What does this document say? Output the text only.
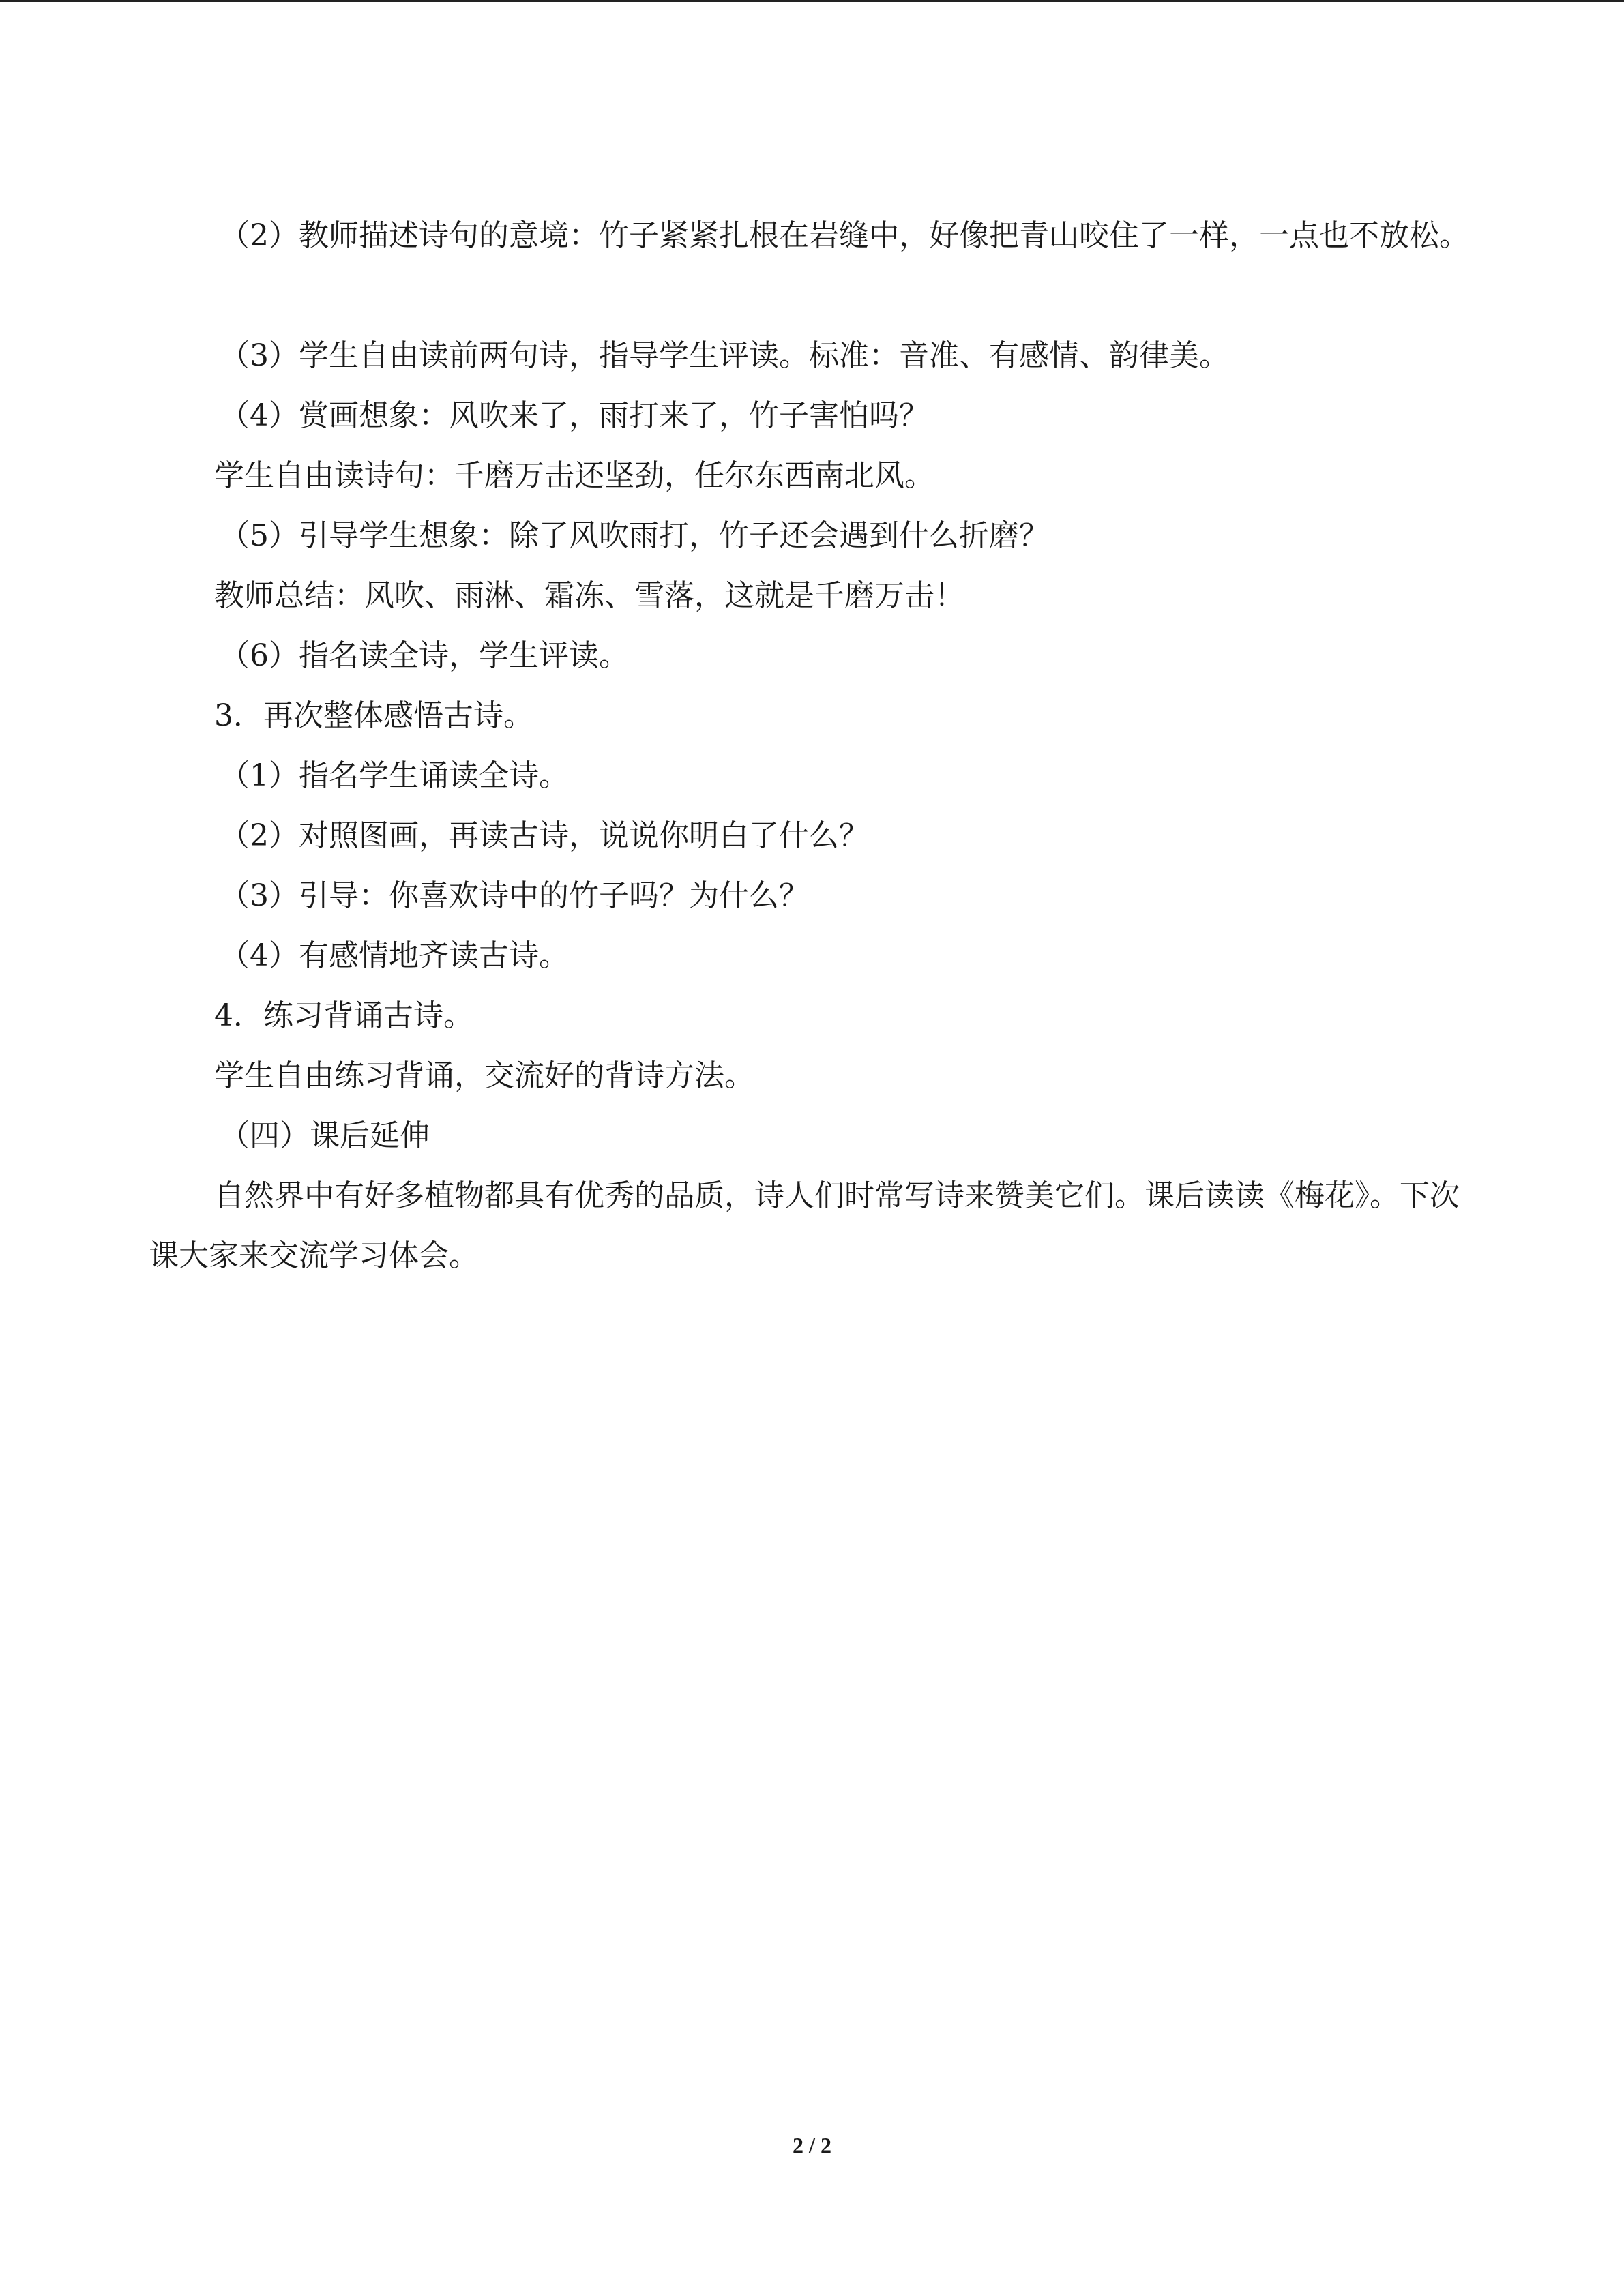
（2）教师描述诗句的意境：竹子紧紧扎根在岩缝中，好像把青山咬住了一样，一点也不放松。

（3）学生自由读前两句诗，指导学生评读。标准：音准、有感情、韵律美。

（4）赏画想象：风吹来了，雨打来了，竹子害怕吗？

学生自由读诗句：千磨万击还坚劲，任尔东西南北风。

（5）引导学生想象：除了风吹雨打，竹子还会遇到什么折磨？

教师总结：风吹、雨淋、霜冻、雪落，这就是千磨万击！

（6）指名读全诗，学生评读。

3．再次整体感悟古诗。

（1）指名学生诵读全诗。

（2）对照图画，再读古诗，说说你明白了什么？

（3）引导：你喜欢诗中的竹子吗？为什么？

（4）有感情地齐读古诗。

4．练习背诵古诗。

学生自由练习背诵，交流好的背诗方法。

（四）课后延伸

自然界中有好多植物都具有优秀的品质，诗人们时常写诗来赞美它们。课后读读《梅花》。下次课大家来交流学习体会。

2 / 2
